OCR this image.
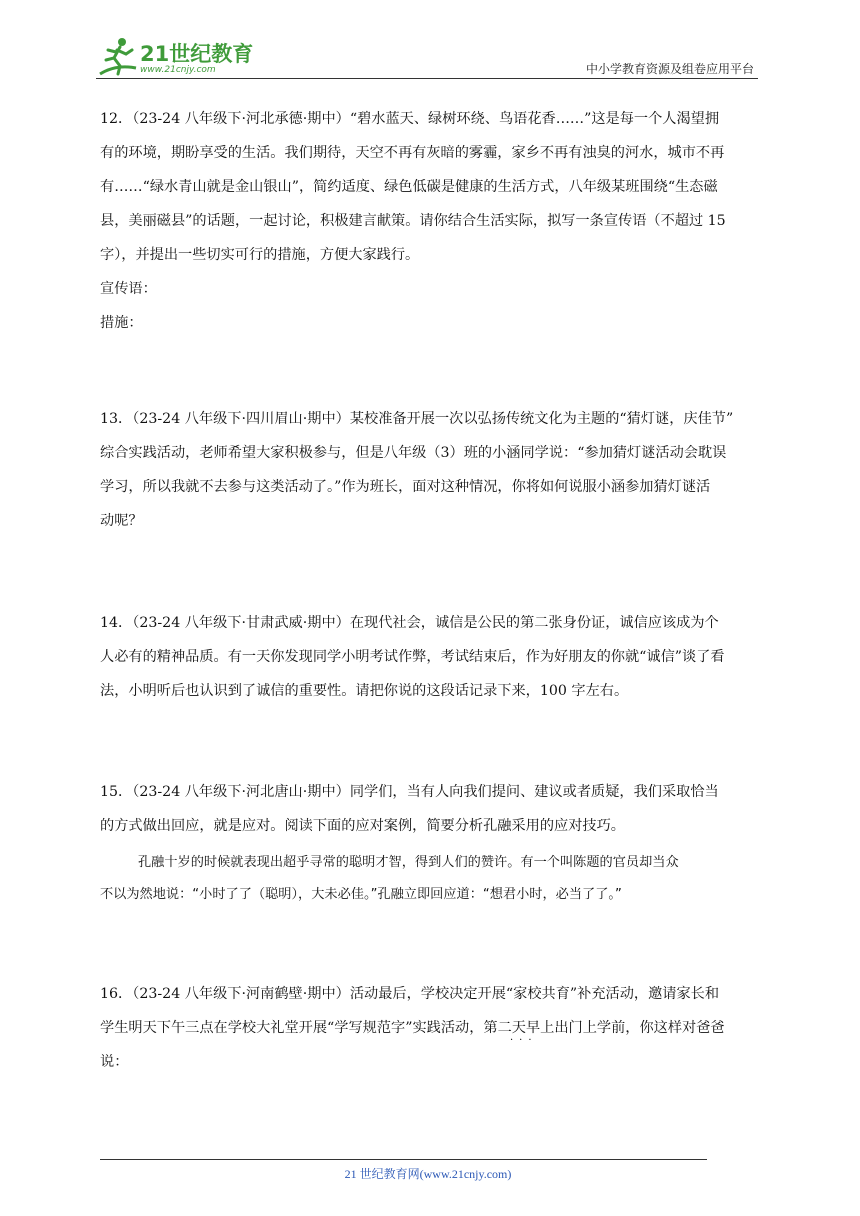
21世纪教育
www.21cnjy.com	中小学教育资源及组卷应用平台
12．（23-24 八年级下·河北承德·期中）“碧水蓝天、绿树环绕、鸟语花香……”这是每一个人渴望拥
有的环境，期盼享受的生活。我们期待，天空不再有灰暗的雾霾，家乡不再有浊臭的河水，城市不再
有……“绿水青山就是金山银山”，简约适度、绿色低碳是健康的生活方式，八年级某班围绕“生态磁
县，美丽磁县”的话题，一起讨论，积极建言献策。请你结合生活实际，拟写一条宣传语（不超过 15
字），并提出一些切实可行的措施，方便大家践行。
宣传语：
措施：
13．（23-24 八年级下·四川眉山·期中）某校准备开展一次以弘扬传统文化为主题的“猜灯谜，庆佳节”
综合实践活动，老师希望大家积极参与，但是八年级（3）班的小涵同学说：“参加猜灯谜活动会耽误
学习，所以我就不去参与这类活动了。”作为班长，面对这种情况，你将如何说服小涵参加猜灯谜活
动呢？
14．（23-24 八年级下·甘肃武威·期中）在现代社会，诚信是公民的第二张身份证，诚信应该成为个
人必有的精神品质。有一天你发现同学小明考试作弊，考试结束后，作为好朋友的你就“诚信”谈了看
法，小明听后也认识到了诚信的重要性。请把你说的这段话记录下来，100 字左右。
15．（23-24 八年级下·河北唐山·期中）同学们，当有人向我们提问、建议或者质疑，我们采取恰当
的方式做出回应，就是应对。阅读下面的应对案例，简要分析孔融采用的应对技巧。
孔融十岁的时候就表现出超乎寻常的聪明才智，得到人们的赞许。有一个叫陈题的官员却当众
不以为然地说：“小时了了（聪明），大未必佳。”孔融立即回应道：“想君小时，必当了了。”
16．（23-24 八年级下·河南鹤壁·期中）活动最后，学校决定开展“家校共育”补充活动，邀请家长和
学生明天下午三点在学校大礼堂开展“学写规范字”实践活动，第二天早上出门上学前，你这样对爸爸
说：
···
21 世纪教育网(www.21cnjy.com)
